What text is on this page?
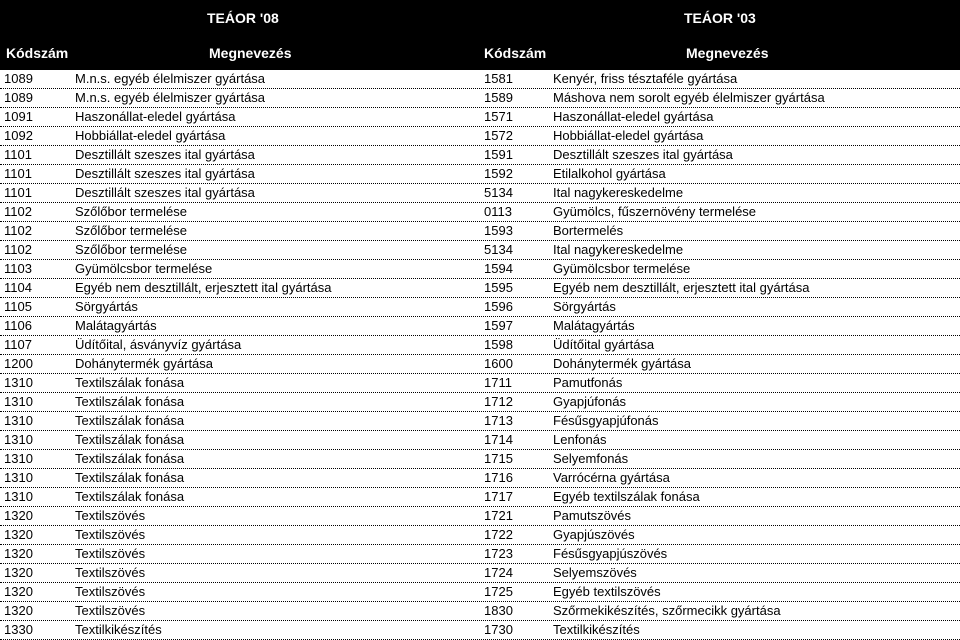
TEÁOR '08	TEÁOR '03
Kódszám	Megnevezés	Kódszám	Megnevezés
1089	M.n.s. egyéb élelmiszer gyártása	1581	Kenyér, friss tésztaféle gyártása
1089	M.n.s. egyéb élelmiszer gyártása	1589	Máshova nem sorolt egyéb élelmiszer gyártása
1091	Haszonállat-eledel gyártása	1571	Haszonállat-eledel gyártása
1092	Hobbiállat-eledel gyártása	1572	Hobbiállat-eledel gyártása
1101	Desztillált szeszes ital gyártása	1591	Desztillált szeszes ital gyártása
1101	Desztillált szeszes ital gyártása	1592	Etilalkohol gyártása
1101	Desztillált szeszes ital gyártása	5134	Ital nagykereskedelme
1102	Szőlőbor termelése	0113	Gyümölcs, fűszernövény termelése
1102	Szőlőbor termelése	1593	Bortermelés
1102	Szőlőbor termelése	5134	Ital nagykereskedelme
1103	Gyümölcsbor termelése	1594	Gyümölcsbor termelése
1104	Egyéb nem desztillált, erjesztett ital gyártása	1595	Egyéb nem desztillált, erjesztett ital gyártása
1105	Sörgyártás	1596	Sörgyártás
1106	Malátagyártás	1597	Malátagyártás
1107	Üdítőital, ásványvíz gyártása	1598	Üdítőital gyártása
1200	Dohánytermék gyártása	1600	Dohánytermék gyártása
1310	Textilszálak fonása	1711	Pamutfonás
1310	Textilszálak fonása	1712	Gyapjúfonás
1310	Textilszálak fonása	1713	Fésűsgyapjúfonás
1310	Textilszálak fonása	1714	Lenfonás
1310	Textilszálak fonása	1715	Selyemfonás
1310	Textilszálak fonása	1716	Varrócérna gyártása
1310	Textilszálak fonása	1717	Egyéb textilszálak fonása
1320	Textilszövés	1721	Pamutszövés
1320	Textilszövés	1722	Gyapjúszövés
1320	Textilszövés	1723	Fésűsgyapjúszövés
1320	Textilszövés	1724	Selyemszövés
1320	Textilszövés	1725	Egyéb textilszövés
1320	Textilszövés	1830	Szőrmekikészítés, szőrmecikk gyártása
1330	Textilkikészítés	1730	Textilkikészítés
